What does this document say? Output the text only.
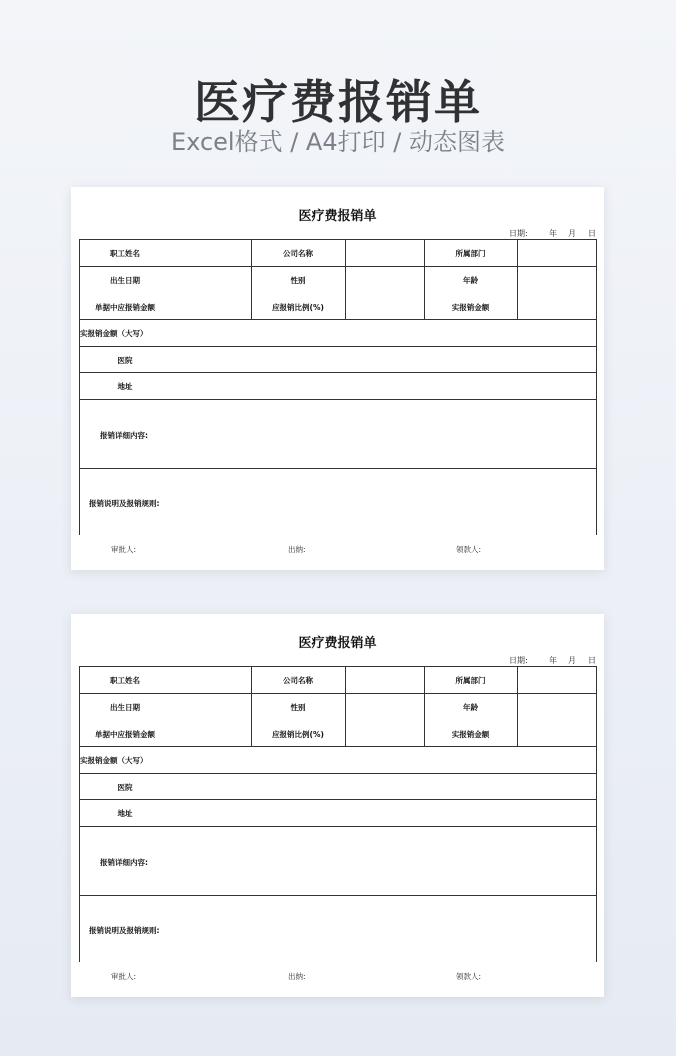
医疗费报销单
Excel格式 / A4打印 / 动态图表
医疗费报销单
日期:	年 月 日
职工姓名	公司名称	所属部门
出生日期	性别	年龄
单据中应报销金额	应报销比例(%)	实报销金额
实报销金额（大写）
医院
地址
报销详细内容:
报销说明及报销规则:
审批人:	出纳:	领款人:
医疗费报销单
日期:	年 月 日
职工姓名	公司名称	所属部门
出生日期	性别	年龄
单据中应报销金额	应报销比例(%)	实报销金额
实报销金额（大写）
医院
地址
报销详细内容:
报销说明及报销规则:
审批人:	出纳:	领款人:
